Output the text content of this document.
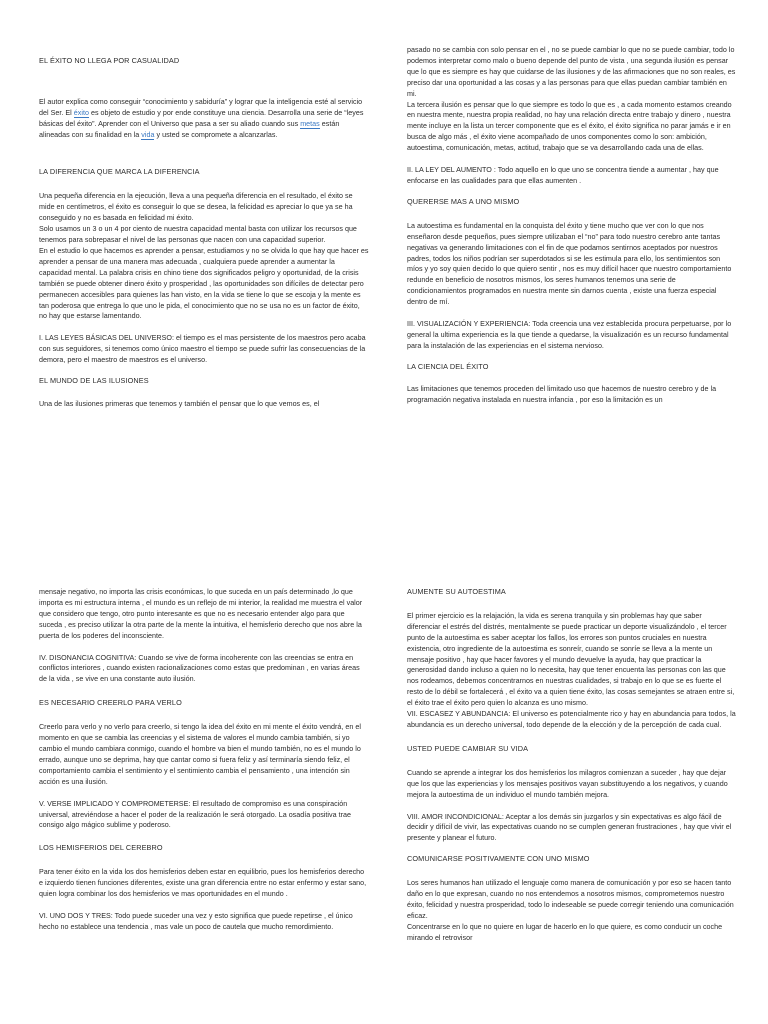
EL ÉXITO NO LLEGA POR CASUALIDAD

El autor explica como conseguir “conocimiento y sabiduría” y lograr que la inteligencia esté al servicio del Ser. El éxito es objeto de estudio y por ende constituye una ciencia. Desarrolla una serie de “leyes básicas del éxito”. Aprender con el Universo que pasa a ser su aliado cuando sus metas están alineadas con su finalidad en la vida y usted se compromete a alcanzarlas.

LA DIFERENCIA QUE MARCA LA DIFERENCIA

Una pequeña diferencia en la ejecución, lleva a una pequeña diferencia en el resultado, el éxito se mide en centímetros, el éxito es conseguir lo que se desea, la felicidad es apreciar lo que ya se ha conseguido y no es basada en felicidad mi éxito.

Solo usamos un 3 o un 4 por ciento de nuestra capacidad mental basta con utilizar los recursos que tenemos para sobrepasar el nivel de las personas que nacen con una capacidad superior.

En el estudio lo que hacemos es aprender a pensar, estudiamos y no se olvida lo que hay que hacer es aprender a pensar de una manera mas adecuada , cualquiera puede aprender a aumentar la capacidad mental. La palabra crisis en chino tiene dos significados peligro y oportunidad, de la crisis también se puede obtener dinero éxito y prosperidad , las oportunidades son difíciles de detectar pero permanecen accesibles para quienes las han visto, en la vida se tiene lo que se escoja y la mente es tan poderosa que entrega lo que uno le pida, el conocimiento que no se usa no es un factor de éxito, no hay que estarse lamentando.

I. LAS LEYES BÁSICAS DEL UNIVERSO: el tiempo es el mas persistente de los maestros pero acaba con sus seguidores, si tenemos como único maestro el tiempo se puede sufrir las consecuencias de la demora, pero el maestro de maestros es el universo.

EL MUNDO DE LAS ILUSIONES

Una de las ilusiones primeras que tenemos y también el pensar que lo que vemos es, el

pasado no se cambia con solo pensar en el , no se puede cambiar lo que no se puede cambiar, todo lo podemos interpretar como malo o bueno depende del punto de vista , una segunda ilusión es pensar que lo que es siempre es hay que cuidarse de las ilusiones y de las afirmaciones que no son reales, es preciso dar una oportunidad a las cosas y a las personas para que ellas puedan cambiar también en mi.

La tercera ilusión es pensar que lo que siempre es todo lo que es , a cada momento estamos creando en nuestra mente, nuestra propia realidad, no hay una relación directa entre trabajo y dinero , nuestra mente incluye en la lista un tercer componente que es el éxito, el éxito significa no parar jamás e ir en busca de algo más , el éxito viene acompañado de unos componentes como lo son: ambición, autoestima, comunicación, metas, actitud, trabajo que se va desarrollando cada una de ellas.

II. LA LEY DEL AUMENTO : Todo aquello en lo que uno se concentra tiende a aumentar , hay que enfocarse en las cualidades para que ellas aumenten .

QUERERSE MAS A UNO MISMO

La autoestima es fundamental en la conquista del éxito y tiene mucho que ver con lo que nos enseñaron desde pequeños, pues siempre utilizaban el “no” para todo nuestro cerebro ante tantas negativas va generando limitaciones con el fin de que podamos sentirnos aceptados por nuestros padres, todos los niños podrían ser superdotados si se les estimula para ello, los sentimientos son míos y yo soy quien decido lo que quiero sentir , nos es muy difícil hacer que nuestro comportamiento redunde en beneficio de nosotros mismos, los seres humanos tenemos una serie de condicionamientos programados en nuestra mente sin darnos cuenta , existe una fuerza especial dentro de mí.

III. VISUALIZACIÓN Y EXPERIENCIA: Toda creencia una vez establecida procura perpetuarse, por lo general la ultima experiencia es la que tiende a quedarse, la visualización es un recurso fundamental para la instalación de las experiencias en el sistema nervioso.

LA CIENCIA DEL ÉXITO

Las limitaciones que tenemos proceden del limitado uso que hacemos de nuestro cerebro y de la programación negativa instalada en nuestra infancia , por eso la limitación es un

mensaje negativo, no importa las crisis económicas, lo que suceda en un país determinado ,lo que importa es mi estructura interna , el mundo es un reflejo de mi interior, la realidad me muestra el valor que considero que tengo, otro punto interesante es que no es necesario entender algo para que suceda , es preciso utilizar la otra parte de la mente la intuitiva, el hemisferio derecho que nos abre la puerta de los poderes del inconsciente.

IV. DISONANCIA COGNITIVA: Cuando se vive de forma incoherente con las creencias se entra en conflictos interiores , cuando existen racionalizaciones como estas que predominan , en varias áreas de la vida , se vive en una constante auto ilusión.

ES NECESARIO CREERLO PARA VERLO

Creerlo para verlo y no verlo para creerlo, si tengo la idea del éxito en mi mente el éxito vendrá, en el momento en que se cambia las creencias y el sistema de valores el mundo cambia también, si yo cambio el mundo cambiara conmigo, cuando el hombre va bien el mundo también, no es el mundo lo errado, aunque uno se deprima, hay que cantar como si fuera feliz y así terminaría siendo feliz, el comportamiento cambia el sentimiento y el sentimiento cambia el pensamiento , una intención sin acción es una ilusión.

V. VERSE IMPLICADO Y COMPROMETERSE: El resultado de compromiso es una conspiración universal, atreviéndose a hacer el poder de la realización le será otorgado. La osadía positiva trae consigo algo mágico sublime y poderoso.

LOS HEMISFERIOS DEL CEREBRO

Para tener éxito en la vida los dos hemisferios deben estar en equilibrio, pues los hemisferios derecho e izquierdo tienen funciones diferentes, existe una gran diferencia entre no estar enfermo y estar sano, quien logra combinar los dos hemisferios ve mas oportunidades en el mundo .

VI. UNO DOS Y TRES: Todo puede suceder una vez y esto significa que puede repetirse , el único hecho no establece una tendencia , mas vale un poco de cautela que mucho remordimiento.

AUMENTE SU AUTOESTIMA

El primer ejercicio es la relajación, la vida es serena tranquila y sin problemas hay que saber diferenciar el estrés del distrés, mentalmente se puede practicar un deporte visualizándolo , el tercer punto de la autoestima es saber aceptar los fallos, los errores son puntos cruciales en nuestra existencia, otro ingrediente de la autoestima es sonreír, cuando se sonríe se lleva a la mente un mensaje positivo , hay que hacer favores y el mundo devuelve la ayuda, hay que practicar la generosidad dando incluso a quien no lo necesita, hay que tener encuenta las personas con las que nos rodeamos, debemos concentrarnos en nuestras cualidades, si trabajo en lo que se es fuerte el resto de lo débil se fortalecerá , el éxito va a quien tiene éxito, las cosas semejantes se atraen entre si, el éxito trae el éxito pero quien lo alcanza es uno mismo.

VII. ESCASEZ Y ABUNDANCIA: El universo es potencialmente rico y hay en abundancia para todos, la abundancia es un derecho universal, todo depende de la elección y de la percepción de cada cual.

USTED PUEDE CAMBIAR SU VIDA

Cuando se aprende a integrar los dos hemisferios los milagros comienzan a suceder , hay que dejar que los que las experiencias y los mensajes positivos vayan substituyendo a los negativos, y cuando mejora la autoestima de un individuo el mundo también mejora.

VIII. AMOR INCONDICIONAL: Aceptar a los demás sin juzgarlos y sin expectativas es algo fácil de decidir y difícil de vivir, las expectativas cuando no se cumplen generan frustraciones , hay que vivir el presente y planear el futuro.

COMUNICARSE POSITIVAMENTE CON UNO MISMO

Los seres humanos han utilizado el lenguaje como manera de comunicación y por eso se hacen tanto daño en lo que expresan, cuando no nos entendemos a nosotros mismos, comprometemos nuestro éxito, felicidad y nuestra prosperidad, todo lo indeseable se puede corregir teniendo una comunicación eficaz.

Concentrarse en lo que no quiere en lugar de hacerlo en lo que quiere, es como conducir un coche mirando el retrovisor
